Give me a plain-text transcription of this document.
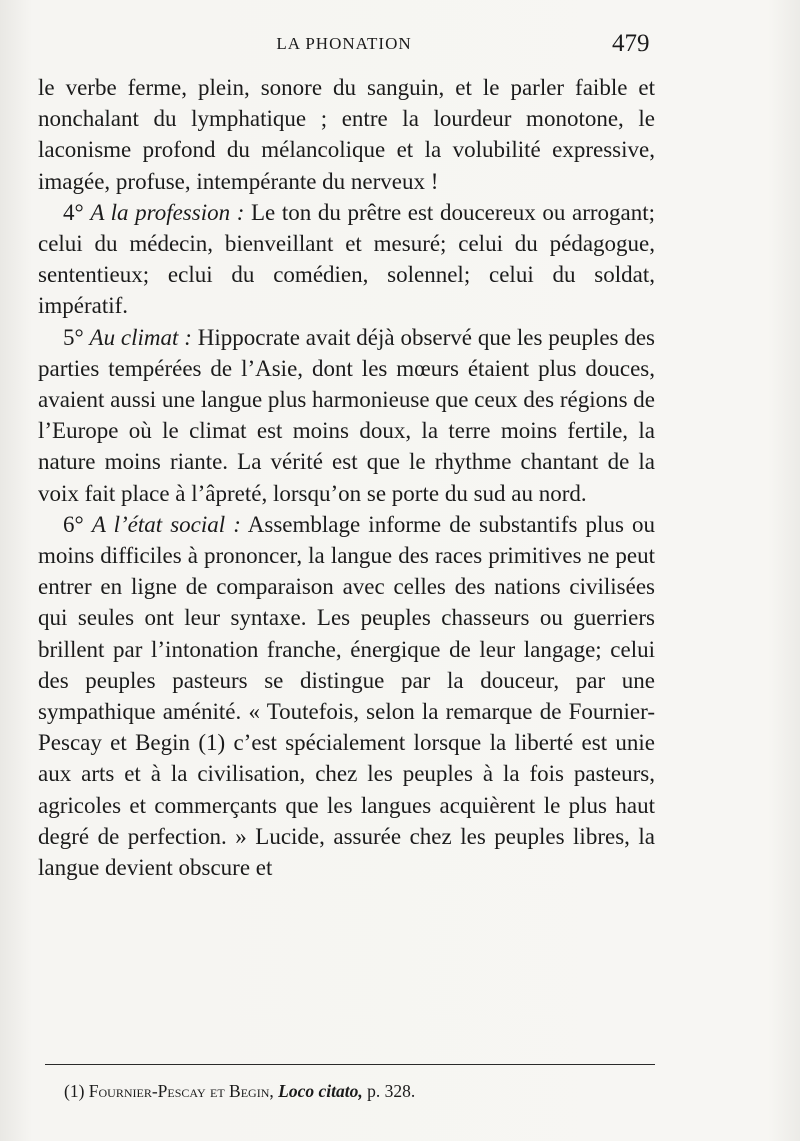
LA PHONATION	479

le verbe ferme, plein, sonore du sanguin, et le parler faible et nonchalant du lymphatique ; entre la lourdeur monotone, le laconisme profond du mélancolique et la volubilité expressive, imagée, profuse, intempérante du nerveux !

4° A la profession : Le ton du prêtre est doucereux ou arrogant; celui du médecin, bienveillant et mesuré; celui du pédagogue, sententieux; eclui du comédien, solennel; celui du soldat, impératif.

5° Au climat : Hippocrate avait déjà observé que les peuples des parties tempérées de l’Asie, dont les mœurs étaient plus douces, avaient aussi une langue plus harmonieuse que ceux des régions de l’Europe où le climat est moins doux, la terre moins fertile, la nature moins riante. La vérité est que le rhythme chantant de la voix fait place à l’âpreté, lorsqu’on se porte du sud au nord.

6° A l’état social : Assemblage informe de substantifs plus ou moins difficiles à prononcer, la langue des races primitives ne peut entrer en ligne de comparaison avec celles des nations civilisées qui seules ont leur syntaxe. Les peuples chasseurs ou guerriers brillent par l’intonation franche, énergique de leur langage; celui des peuples pasteurs se distingue par la douceur, par une sympathique aménité. « Toutefois, selon la remarque de Fournier-Pescay et Begin (1) c’est spécialement lorsque la liberté est unie aux arts et à la civilisation, chez les peuples à la fois pasteurs, agricoles et commerçants que les langues acquièrent le plus haut degré de perfection. » Lucide, assurée chez les peuples libres, la langue devient obscure et

(1) Fournier-Pescay et Begin, Loco citato, p. 328.
